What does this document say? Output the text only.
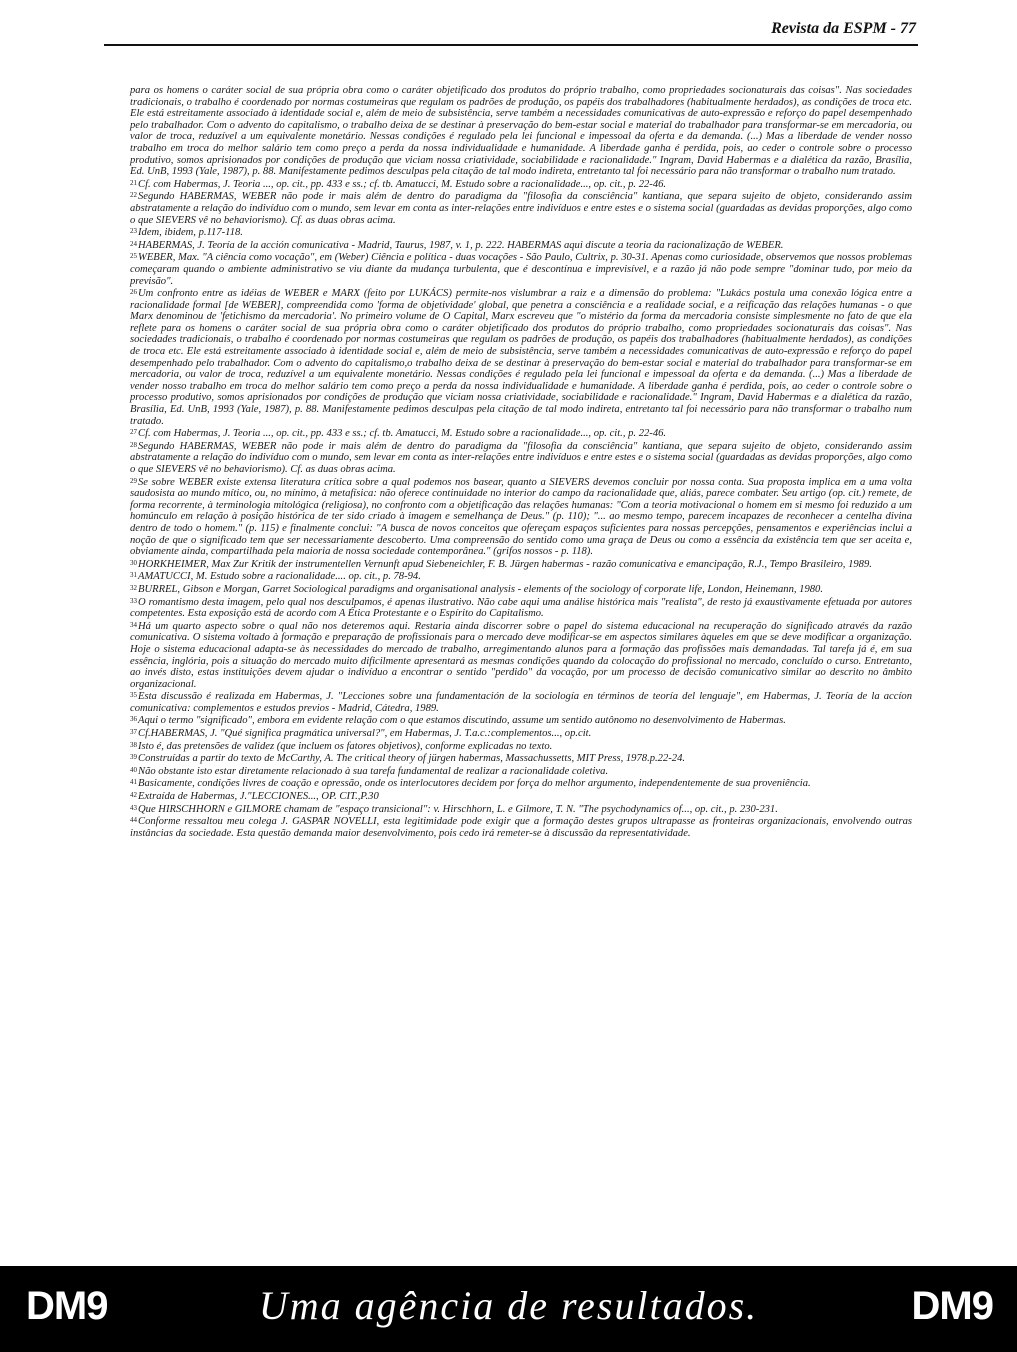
Revista da ESPM - 77

para os homens o caráter social de sua própria obra como o caráter objetificado dos produtos do próprio trabalho, como propriedades socionaturais das coisas". Nas sociedades tradicionais, o trabalho é coordenado por normas costumeiras que regulam os padrões de produção, os papéis dos trabalhadores (habitualmente herdados), as condições de troca etc. Ele está estreitamente associado à identidade social e, além de meio de subsistência, serve também a necessidades comunicativas de auto-expressão e reforço do papel desempenhado pelo trabalhador. Com o advento do capitalismo, o trabalho deixa de se destinar à preservação do bem-estar social e material do trabalhador para transformar-se em mercadoria, ou valor de troca, reduzível a um equivalente monetário. Nessas condições é regulado pela lei funcional e impessoal da oferta e da demanda. (...) Mas a liberdade de vender nosso trabalho em troca do melhor salário tem como preço a perda da nossa individualidade e humanidade. A liberdade ganha é perdida, pois, ao ceder o controle sobre o processo produtivo, somos aprisionados por condições de produção que viciam nossa criatividade, sociabilidade e racionalidade." Ingram, David Habermas e a dialética da razão, Brasília, Ed. UnB, 1993 (Yale, 1987), p. 88. Manifestamente pedimos desculpas pela citação de tal modo indireta, entretanto tal foi necessário para não transformar o trabalho num tratado.

$^{21}$Cf. com Habermas, J. Teoria ..., op. cit., pp. 433 e ss.; cf. tb. Amatucci, M. Estudo sobre a racionalidade..., op. cit., p. 22-46.

$^{22}$Segundo HABERMAS, WEBER não pode ir mais além de dentro do paradigma da "filosofia da consciência" kantiana, que separa sujeito de objeto, considerando assim abstratamente a relação do indivíduo com o mundo, sem levar em conta as inter-relações entre indivíduos e entre estes e o sistema social (guardadas as devidas proporções, algo como o que SIEVERS vê no behaviorismo). Cf. as duas obras acima.

$^{23}$Idem, ibidem, p.117-118.

$^{24}$HABERMAS, J. Teoría de la acción comunicativa - Madrid, Taurus, 1987, v. 1, p. 222. HABERMAS aqui discute a teoria da racionalização de WEBER.

$^{25}$WEBER, Max. "A ciência como vocação", em (Weber) Ciência e política - duas vocações - São Paulo, Cultrix, p. 30-31. Apenas como curiosidade, observemos que nossos problemas começaram quando o ambiente administrativo se viu diante da mudança turbulenta, que é descontínua e imprevisível, e a razão já não pode sempre "dominar tudo, por meio da previsão".

$^{26}$Um confronto entre as idéias de WEBER e MARX (feito por LUKÁCS) permite-nos vislumbrar a raiz e a dimensão do problema: "Lukács postula uma conexão lógica entre a racionalidade formal [de WEBER], compreendida como 'forma de objetividade' global, que penetra a consciência e a realidade social, e a reificação das relações humanas - o que Marx denominou de 'fetichismo da mercadoria'. No primeiro volume de O Capital, Marx escreveu que "o mistério da forma da mercadoria consiste simplesmente no fato de que ela reflete para os homens o caráter social de sua própria obra como o caráter objetificado dos produtos do próprio trabalho, como propriedades socionaturais das coisas". Nas sociedades tradicionais, o trabalho é coordenado por normas costumeiras que regulam os padrões de produção, os papéis dos trabalhadores (habitualmente herdados), as condições de troca etc. Ele está estreitamente associado à identidade social e, além de meio de subsistência, serve também a necessidades comunicativas de auto-expressão e reforço do papel desempenhado pelo trabalhador. Com o advento do capitalismo,o trabalho deixa de se destinar à preservação do bem-estar social e material do trabalhador para transformar-se em mercadoria, ou valor de troca, reduzível a um equivalente monetário. Nessas condições é regulado pela lei funcional e impessoal da oferta e da demanda. (...) Mas a liberdade de vender nosso trabalho em troca do melhor salário tem como preço a perda da nossa individualidade e humanidade. A liberdade ganha é perdida, pois, ao ceder o controle sobre o processo produtivo, somos aprisionados por condições de produção que viciam nossa criatividade, sociabilidade e racionalidade." Ingram, David Habermas e a dialética da razão, Brasília, Ed. UnB, 1993 (Yale, 1987), p. 88. Manifestamente pedimos desculpas pela citação de tal modo indireta, entretanto tal foi necessário para não transformar o trabalho num tratado.

$^{27}$Cf. com Habermas, J. Teoria ..., op. cit., pp. 433 e ss.; cf. tb. Amatucci, M. Estudo sobre a racionalidade..., op. cit., p. 22-46.

$^{28}$Segundo HABERMAS, WEBER não pode ir mais além de dentro do paradigma da "filosofia da consciência" kantiana, que separa sujeito de objeto, considerando assim abstratamente a relação do indivíduo com o mundo, sem levar em conta as inter-relações entre indivíduos e entre estes e o sistema social (guardadas as devidas proporções, algo como o que SIEVERS vê no behaviorismo). Cf. as duas obras acima.

$^{29}$Se sobre WEBER existe extensa literatura crítica sobre a qual podemos nos basear, quanto a SIEVERS devemos concluir por nossa conta. Sua proposta implica em a uma volta saudosista ao mundo mítico, ou, no mínimo, à metafísica: não oferece continuidade no interior do campo da racionalidade que, aliás, parece combater. Seu artigo (op. cit.) remete, de forma recorrente, à terminologia mitológica (religiosa), no confronto com a objetificação das relações humanas: "Com a teoria motivacional o homem em si mesmo foi reduzido a um homúnculo em relação à posição histórica de ter sido criado à imagem e semelhança de Deus." (p. 110); "... ao mesmo tempo, parecem incapazes de reconhecer a centelha divina dentro de todo o homem." (p. 115) e finalmente conclui: "A busca de novos conceitos que ofereçam espaços suficientes para nossas percepções, pensamentos e experiências inclui a noção de que o significado tem que ser necessariamente descoberto. Uma compreensão do sentido como uma graça de Deus ou como a essência da existência tem que ser aceita e, obviamente ainda, compartilhada pela maioria de nossa sociedade contemporânea." (grifos nossos - p. 118).

$^{30}$HORKHEIMER, Max Zur Kritik der instrumentellen Vernunft apud Siebeneichler, F. B. Jürgen habermas - razão comunicativa e emancipação, R.J., Tempo Brasileiro, 1989.

$^{31}$AMATUCCI, M. Estudo sobre a racionalidade.... op. cit., p. 78-94.

$^{32}$BURREL, Gibson e Morgan, Garret Sociological paradigms and organisational analysis - elements of the sociology of corporate life, London, Heinemann, 1980.

$^{33}$O romantismo desta imagem, pelo qual nos desculpamos, é apenas ilustrativo. Não cabe aqui uma análise histórica mais "realista", de resto já exaustivamente efetuada por autores competentes. Esta exposição está de acordo com A Ética Protestante e o Espírito do Capitalismo.

$^{34}$Há um quarto aspecto sobre o qual não nos deteremos aqui. Restaria ainda discorrer sobre o papel do sistema educacional na recuperação do significado através da razão comunicativa. O sistema voltado à formação e preparação de profissionais para o mercado deve modificar-se em aspectos similares àqueles em que se deve modificar a organização. Hoje o sistema educacional adapta-se às necessidades do mercado de trabalho, arregimentando alunos para a formação das profissões mais demandadas. Tal tarefa já é, em sua essência, inglória, pois a situação do mercado muito dificilmente apresentará as mesmas condições quando da colocação do profissional no mercado, concluído o curso. Entretanto, ao invés disto, estas instituições devem ajudar o indivíduo a encontrar o sentido "perdido" da vocação, por um processo de decisão comunicativo similar ao descrito no âmbito organizacional.

$^{35}$Esta discussão é realizada em Habermas, J. "Lecciones sobre una fundamentación de la sociología en términos de teoría del lenguaje", em Habermas, J. Teoría de la accíon comunicativa: complementos e estudos previos - Madrid, Cátedra, 1989.

$^{36}$Aqui o termo "significado", embora em evidente relação com o que estamos discutindo, assume um sentido autônomo no desenvolvimento de Habermas.

$^{37}$Cf.HABERMAS, J. "Qué significa pragmática universal?", em Habermas, J. T.a.c.:complementos..., op.cit.

$^{38}$Isto é, das pretensões de validez (que incluem os fatores objetivos), conforme explicadas no texto.

$^{39}$Construídas a partir do texto de McCarthy, A. The critical theory of jürgen habermas, Massachussetts, MIT Press, 1978.p.22-24.

$^{40}$Não obstante isto estar diretamente relacionado à sua tarefa fundamental de realizar a racionalidade coletiva.

$^{41}$Basicamente, condições livres de coação e opressão, onde os interlocutores decidem por força do melhor argumento, independentemente de sua proveniência.

$^{42}$Extraída de Habermas, J."LECCIONES..., OP. CIT.,P.30

$^{43}$Que HIRSCHHORN e GILMORE chamam de "espaço transicional": v. Hirschhorn, L. e Gilmore, T. N. "The psychodynamics of..., op. cit., p. 230-231.

$^{44}$Conforme ressaltou meu colega J. GASPAR NOVELLI, esta legitimidade pode exigir que a formação destes grupos ultrapasse as fronteiras organizacionais, envolvendo outras instâncias da sociedade. Esta questão demanda maior desenvolvimento, pois cedo irá remeter-se à discussão da representatividade.

DM9	Uma agência de resultados.	DM9
